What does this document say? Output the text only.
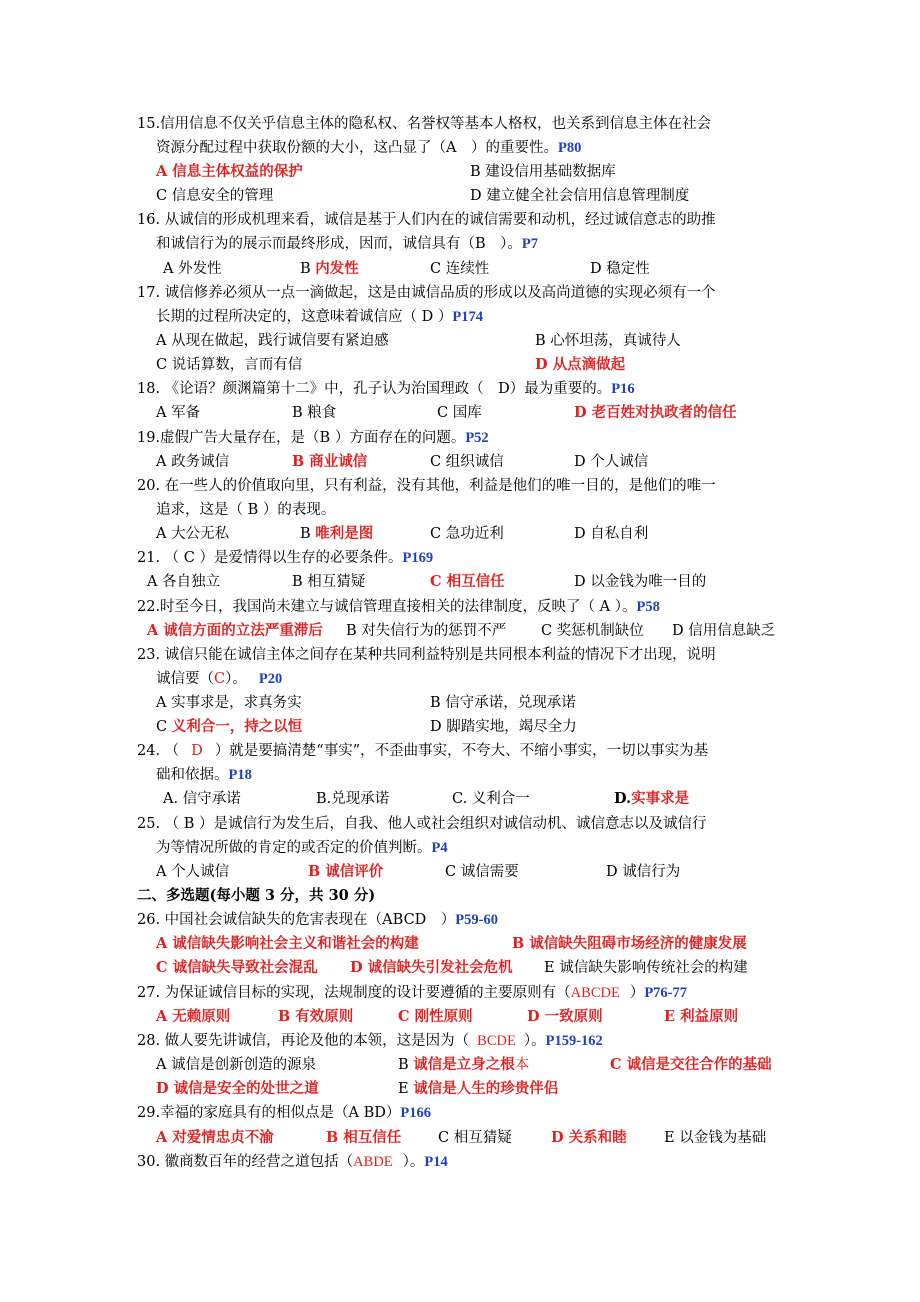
15.信用信息不仅关乎信息主体的隐私权、名誉权等基本人格权，也关系到信息主体在社会
资源分配过程中获取份额的大小，这凸显了（A　）的重要性。P80
A 信息主体权益的保护	B 建设信用基础数据库
C 信息安全的管理	D 建立健全社会信用信息管理制度
16. 从诚信的形成机理来看，诚信是基于人们内在的诚信需要和动机，经过诚信意志的助推
和诚信行为的展示而最终形成，因而，诚信具有（B　）。P7
A 外发性	B 内发性	C 连续性	D 稳定性
17. 诚信修养必须从一点一滴做起，这是由诚信品质的形成以及高尚道德的实现必须有一个
长期的过程所决定的，这意味着诚信应（ D ）P174
A 从现在做起，践行诚信要有紧迫感	B 心怀坦荡，真诚待人
C 说话算数，言而有信	D 从点滴做起
18. 《论语？颜渊篇第十二》中，孔子认为治国理政（　D）最为重要的。P16
A 军备	B 粮食	C 国库	D 老百姓对执政者的信任
19.虚假广告大量存在，是（B ）方面存在的问题。P52
A 政务诚信	B 商业诚信	C 组织诚信	D 个人诚信
20. 在一些人的价值取向里，只有利益，没有其他，利益是他们的唯一目的，是他们的唯一
追求，这是（ B ）的表现。
A 大公无私	B 唯利是图	C 急功近利	D 自私自利
21. （ C ）是爱情得以生存的必要条件。P169
A 各自独立	B 相互猜疑	C 相互信任	D 以金钱为唯一目的
22.时至今日，我国尚未建立与诚信管理直接相关的法律制度，反映了（ A ）。P58
A 诚信方面的立法严重滞后 B 对失信行为的惩罚不严 C 奖惩机制缺位 D 信用信息缺乏
23. 诚信只能在诚信主体之间存在某种共同利益特别是共同根本利益的情况下才出现，说明
诚信要（C）。 P20
A 实事求是，求真务实	B 信守承诺，兑现承诺
C 义利合一，持之以恒	D 脚踏实地，竭尽全力
24. （ D ）就是要搞清楚“事实”，不歪曲事实，不夸大、不缩小事实，一切以事实为基
础和依据。P18
A. 信守承诺	B.兑现承诺	C. 义利合一	D.实事求是
25. （ B ）是诚信行为发生后，自我、他人或社会组织对诚信动机、诚信意志以及诚信行
为等情况所做的肯定的或否定的价值判断。P4
A 个人诚信	B 诚信评价	C 诚信需要	D 诚信行为
二、多选题(每小题 3 分，共 30 分)
26. 中国社会诚信缺失的危害表现在（ABCD　）P59-60
A 诚信缺失影响社会主义和谐社会的构建	B 诚信缺失阻碍市场经济的健康发展
C 诚信缺失导致社会混乱 D 诚信缺失引发社会危机 E 诚信缺失影响传统社会的构建
27. 为保证诚信目标的实现，法规制度的设计要遵循的主要原则有（ABCDE ）P76-77
A 无赖原则	B 有效原则	C 刚性原则	D 一致原则	E 利益原则
28. 做人要先讲诚信，再论及他的本领，这是因为（ BCDE ）。P159-162
A 诚信是创新创造的源泉	B 诚信是立身之根本	C 诚信是交往合作的基础
D 诚信是安全的处世之道	E 诚信是人生的珍贵伴侣
29.幸福的家庭具有的相似点是（A BD）P166
A 对爱情忠贞不渝	B 相互信任	C 相互猜疑	D 关系和睦	E 以金钱为基础
30. 徽商数百年的经营之道包括（ABDE ）。P14
